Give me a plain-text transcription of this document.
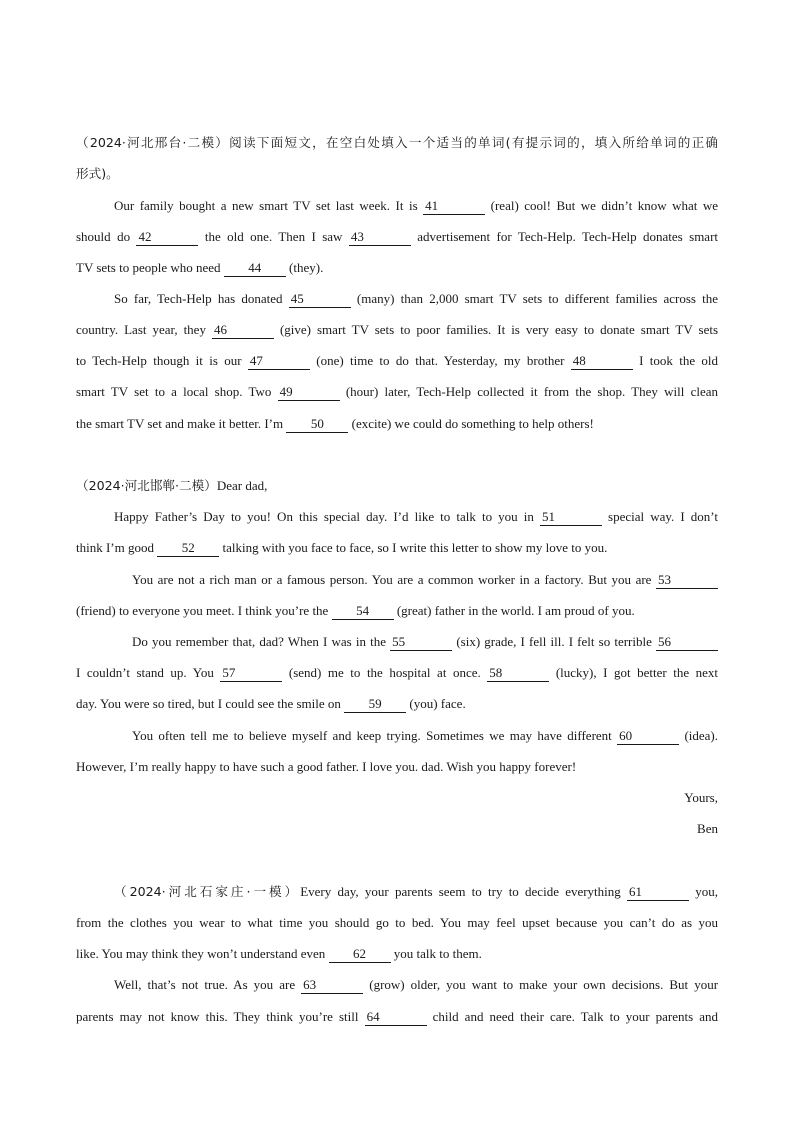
（2024·河北邢台·二模）阅读下面短文，在空白处填入一个适当的单词(有提示词的，填入所给单词的正确
形式)。
Our family bought a new smart TV set last week. It is 41	(real) cool! But we didn’t know what we
should do 42	the old one. Then I saw 43	advertisement for Tech-Help. Tech-Help donates smart
TV sets to people who need 44 (they).
So far, Tech-Help has donated 45	(many) than 2,000 smart TV sets to different families across the
country. Last year, they 46	(give) smart TV sets to poor families. It is very easy to donate smart TV sets
to Tech-Help though it is our 47	(one) time to do that. Yesterday, my brother 48	I took the old
smart TV set to a local shop. Two 49	(hour) later, Tech-Help collected it from the shop. They will clean
the smart TV set and make it better. I’m 50 (excite) we could do something to help others!
（2024·河北邯郸·二模）Dear dad,
Happy Father’s Day to you! On this special day. I’d like to talk to you in 51	special way. I don’t
think I’m good 52 talking with you face to face, so I write this letter to show my love to you.
You are not a rich man or a famous person. You are a common worker in a factory. But you are 53
(friend) to everyone you meet. I think you’re the 54 (great) father in the world. I am proud of you.
Do you remember that, dad? When I was in the 55	(six) grade, I fell ill. I felt so terrible 56
I couldn’t stand up. You 57	(send) me to the hospital at once. 58	(lucky), I got better the next
day. You were so tired, but I could see the smile on 59 (you) face.
You often tell me to believe myself and keep trying. Sometimes we may have different 60	(idea).
However, I’m really happy to have such a good father. I love you. dad. Wish you happy forever!
Yours,
Ben
（2024·河北石家庄·一模）Every day, your parents seem to try to decide everything 61	you,
from the clothes you wear to what time you should go to bed. You may feel upset because you can’t do as you
like. You may think they won’t understand even 62 you talk to them.
Well, that’s not true. As you are 63	(grow) older, you want to make your own decisions. But your
parents may not know this. They think you’re still 64	child and need their care. Talk to your parents and
